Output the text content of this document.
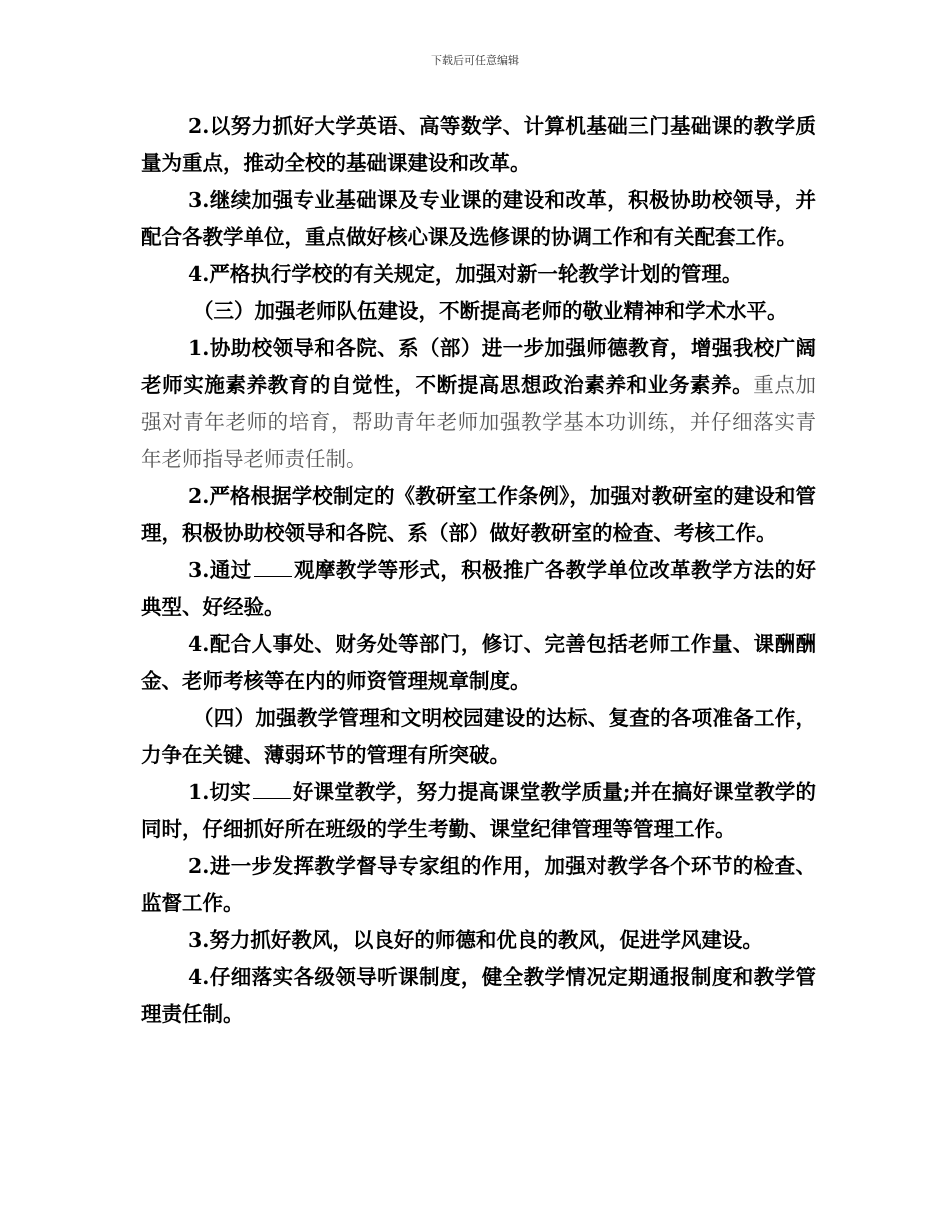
下载后可任意编辑

2.以努力抓好大学英语、高等数学、计算机基础三门基础课的教学质量为重点，推动全校的基础课建设和改革。

3.继续加强专业基础课及专业课的建设和改革，积极协助校领导，并配合各教学单位，重点做好核心课及选修课的协调工作和有关配套工作。

4.严格执行学校的有关规定，加强对新一轮教学计划的管理。

（三）加强老师队伍建设，不断提高老师的敬业精神和学术水平。

1.协助校领导和各院、系（部）进一步加强师德教育，增强我校广阔老师实施素养教育的自觉性，不断提高思想政治素养和业务素养。重点加强对青年老师的培育，帮助青年老师加强教学基本功训练，并仔细落实青年老师指导老师责任制。

2.严格根据学校制定的《教研室工作条例》，加强对教研室的建设和管理，积极协助校领导和各院、系（部）做好教研室的检查、考核工作。

3.通过 观摩教学等形式，积极推广各教学单位改革教学方法的好典型、好经验。

4.配合人事处、财务处等部门，修订、完善包括老师工作量、课酬酬金、老师考核等在内的师资管理规章制度。

（四）加强教学管理和文明校园建设的达标、复查的各项准备工作，力争在关键、薄弱环节的管理有所突破。

1.切实 好课堂教学，努力提高课堂教学质量;并在搞好课堂教学的同时，仔细抓好所在班级的学生考勤、课堂纪律管理等管理工作。

2.进一步发挥教学督导专家组的作用，加强对教学各个环节的检查、监督工作。

3.努力抓好教风，以良好的师德和优良的教风，促进学风建设。

4.仔细落实各级领导听课制度，健全教学情况定期通报制度和教学管理责任制。
